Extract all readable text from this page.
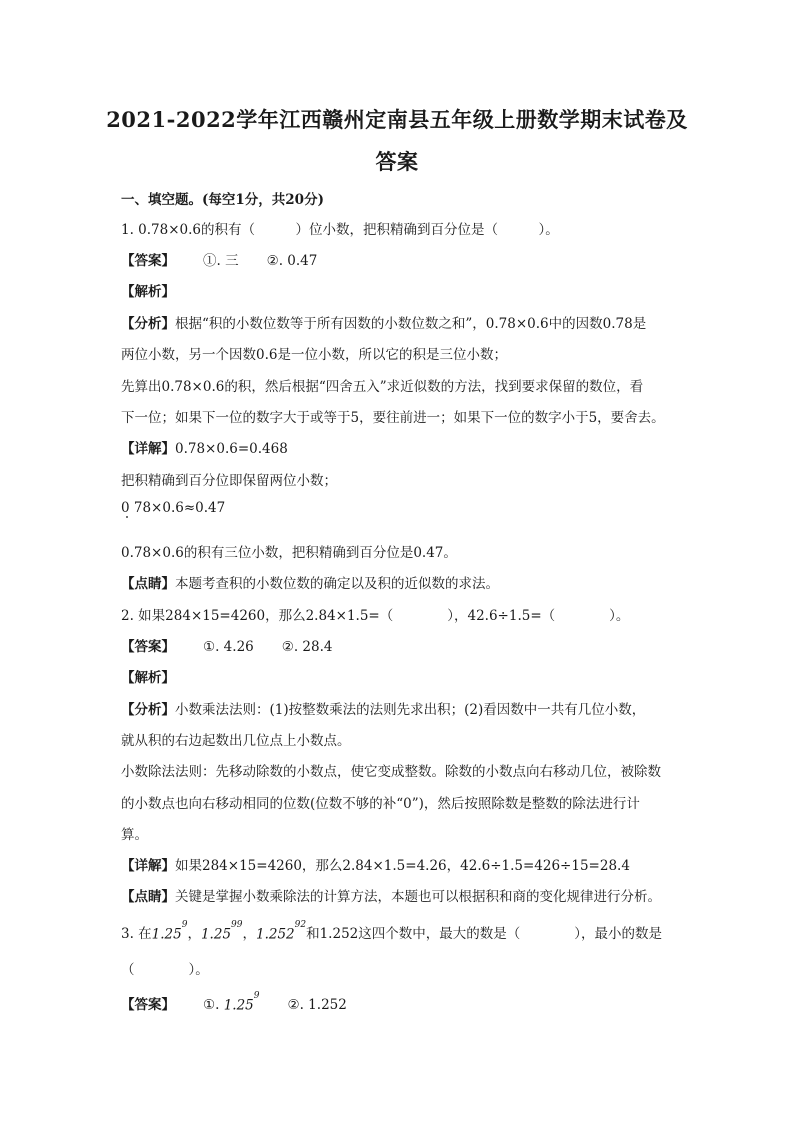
2021-2022学年江西赣州定南县五年级上册数学期末试卷及
答案
一、填空题。(每空1分，共20分)
1. 0.78×0.6的积有（　　　）位小数，把积精确到百分位是（　　　）。
【答案】 ①. 三 ②. 0.47
【解析】
【分析】根据“积的小数位数等于所有因数的小数位数之和”，0.78×0.6中的因数0.78是
两位小数，另一个因数0.6是一位小数，所以它的积是三位小数；
先算出0.78×0.6的积，然后根据“四舍五入”求近似数的方法，找到要求保留的数位，看
下一位；如果下一位的数字大于或等于5，要往前进一；如果下一位的数字小于5，要舍去。
【详解】0.78×0.6=0.468
把积精确到百分位即保留两位小数；
0 78×0.6≈0.47
0.78×0.6的积有三位小数，把积精确到百分位是0.47。
【点睛】本题考查积的小数位数的确定以及积的近似数的求法。
2. 如果284×15=4260，那么2.84×1.5=（　　　　），42.6÷1.5=（　　　　）。
【答案】 ①. 4.26 ②. 28.4
【解析】
【分析】小数乘法法则：(1)按整数乘法的法则先求出积；(2)看因数中一共有几位小数，
就从积的右边起数出几位点上小数点。
小数除法法则：先移动除数的小数点，使它变成整数。除数的小数点向右移动几位，被除数
的小数点也向右移动相同的位数(位数不够的补“0”)，然后按照除数是整数的除法进行计
算。
【详解】如果284×15=4260，那么2.84×1.5=4.26，42.6÷1.5=426÷15=28.4
【点睛】关键是掌握小数乘除法的计算方法，本题也可以根据积和商的变化规律进行分析。
3. 在1.25$^9$，1.25$^{99}$，1.252$^{92}$和1.252这四个数中，最大的数是（　　　　），最小的数是
（　　　　）。
【答案】 ①. 1.25$^9$②. 1.252
